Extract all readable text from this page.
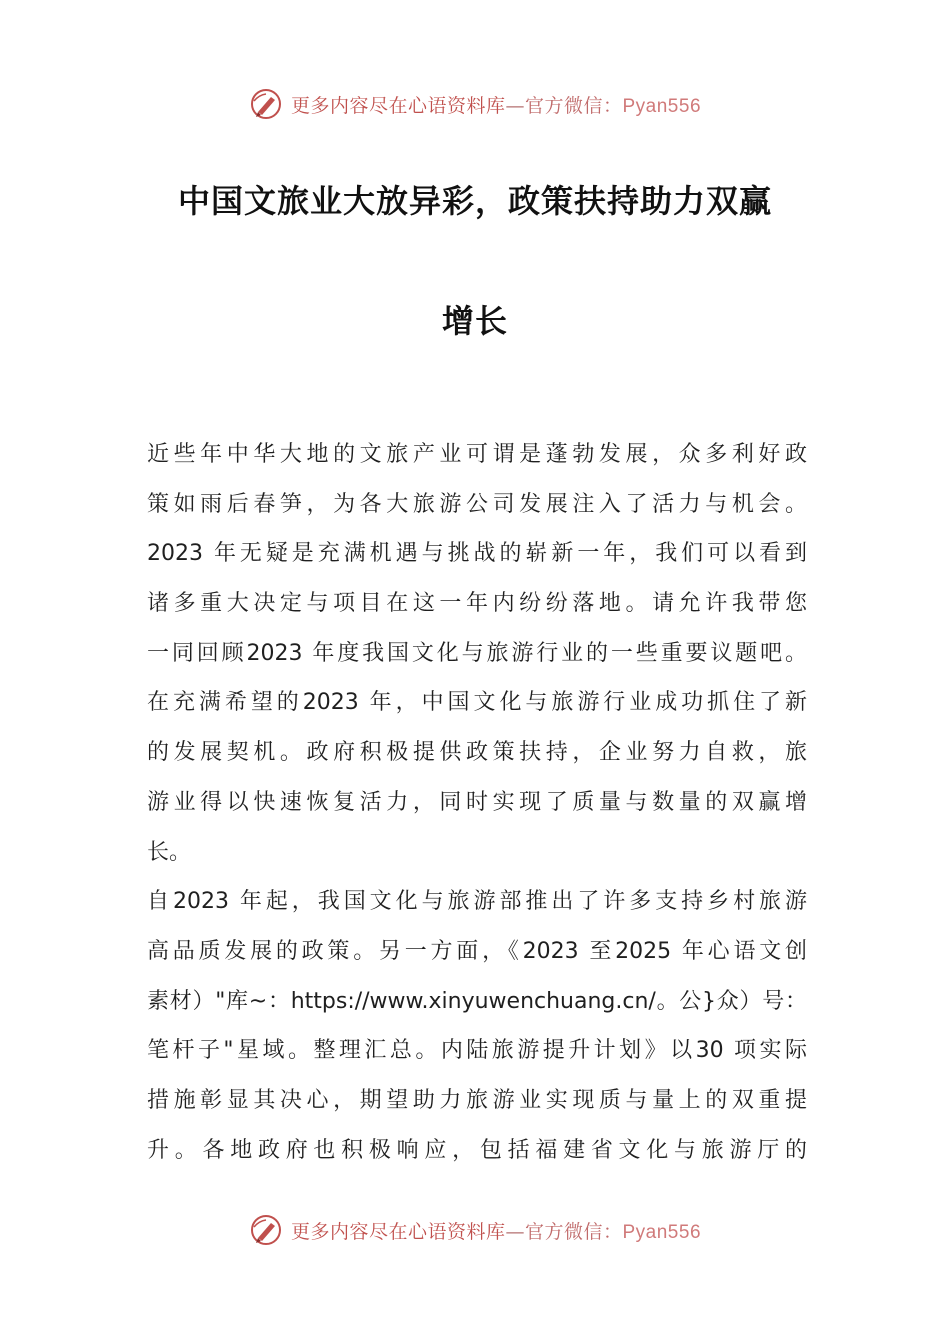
更多内容尽在心语资料库—官方微信：Pyan556
中国文旅业大放异彩，政策扶持助力双赢
增长
近些年中华大地的文旅产业可谓是蓬勃发展，众多利好政
策如雨后春笋，为各大旅游公司发展注入了活力与机会。
2023 年无疑是充满机遇与挑战的崭新一年，我们可以看到
诸多重大决定与项目在这一年内纷纷落地。请允许我带您
一同回顾2023 年度我国文化与旅游行业的一些重要议题吧。
在充满希望的2023 年，中国文化与旅游行业成功抓住了新
的发展契机。政府积极提供政策扶持，企业努力自救，旅
游业得以快速恢复活力，同时实现了质量与数量的双赢增
长。
自2023 年起，我国文化与旅游部推出了许多支持乡村旅游
高品质发展的政策。另一方面，《2023 至2025 年心语文创
素材）"库~：https://www.xinyuwenchuang.cn/。公}众）号：
笔杆子"星域。整理汇总。内陆旅游提升计划》以30 项实际
措施彰显其决心，期望助力旅游业实现质与量上的双重提
升。各地政府也积极响应，包括福建省文化与旅游厅的
更多内容尽在心语资料库—官方微信：Pyan556
